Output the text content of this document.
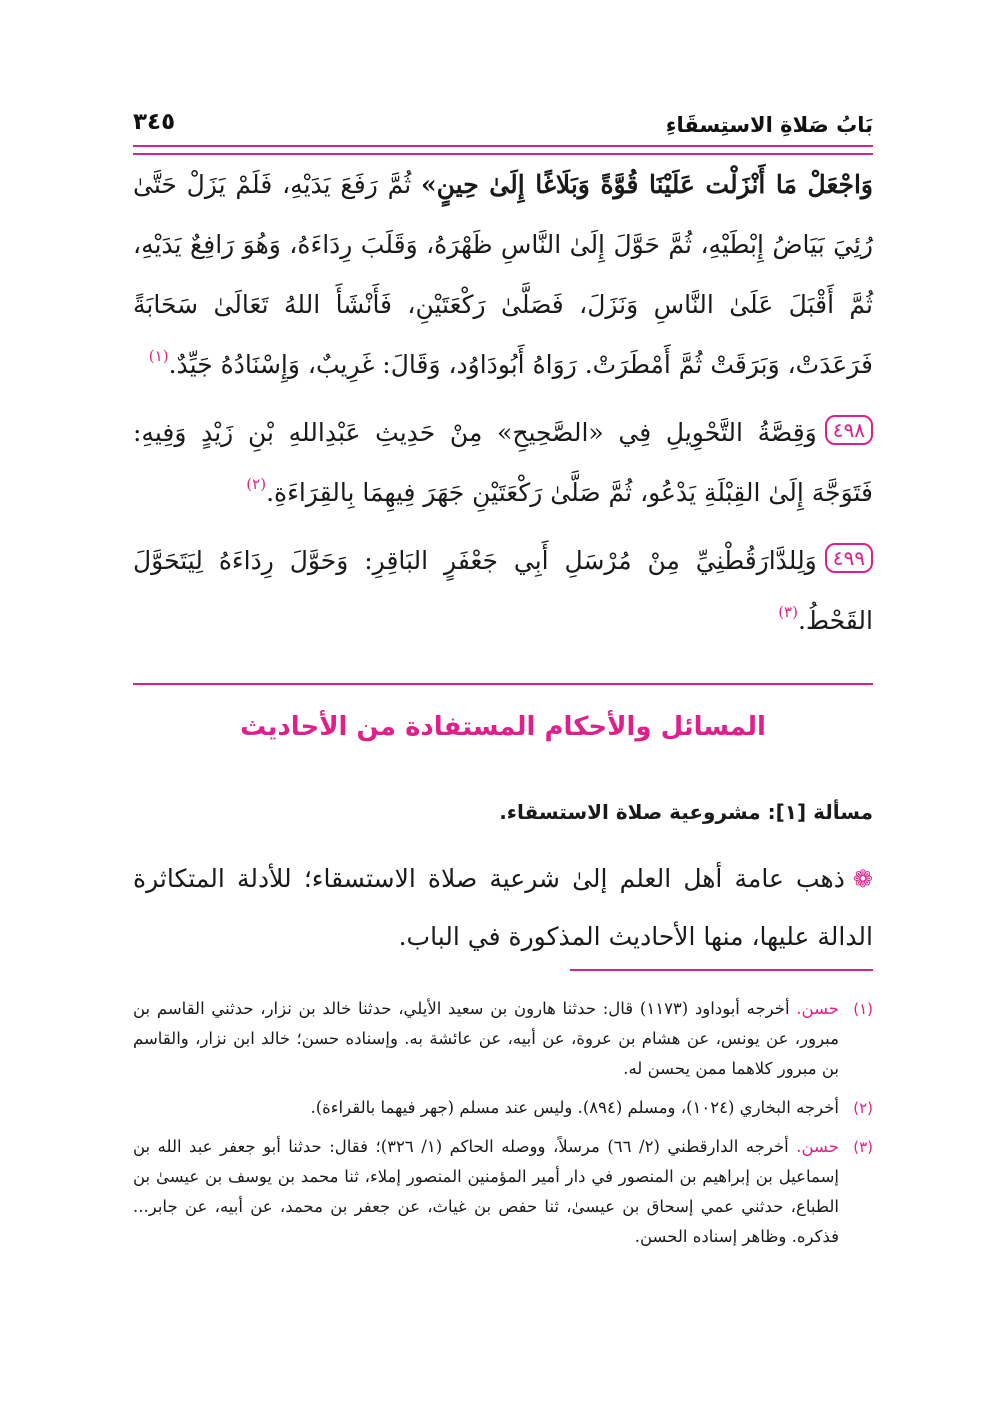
بَابُ صَلاةِ الاستِسقَاءِ
٣٤٥

وَاجْعَلْ مَا أَنْزَلْت عَلَيْنَا قُوَّةً وَبَلَاغًا إِلَىٰ حِينٍ» ثُمَّ رَفَعَ يَدَيْهِ، فَلَمْ يَزَلْ حَتَّىٰ رُئِيَ بَيَاضُ إِبْطَيْهِ، ثُمَّ حَوَّلَ إِلَىٰ النَّاسِ ظَهْرَهُ، وَقَلَبَ رِدَاءَهُ، وَهُوَ رَافِعٌ يَدَيْهِ، ثُمَّ أَقْبَلَ عَلَىٰ النَّاسِ وَنَزَلَ، فَصَلَّىٰ رَكْعَتَيْنِ، فَأَنْشَأَ اللهُ تَعَالَىٰ سَحَابَةً فَرَعَدَتْ، وَبَرَقَتْ ثُمَّ أَمْطَرَتْ. رَوَاهُ أَبُودَاوُد، وَقَالَ: غَرِيبٌ، وَإِسْنَادُهُ جَيِّدٌ.$^{(١)}$

٤٩٨وَقِصَّةُ التَّحْوِيلِ فِي «الصَّحِيحِ» مِنْ حَدِيثِ عَبْدِاللهِ بْنِ زَيْدٍ وَفِيهِ: فَتَوَجَّهَ إِلَىٰ القِبْلَةِ يَدْعُو، ثُمَّ صَلَّىٰ رَكْعَتَيْنِ جَهَرَ فِيهِمَا بِالقِرَاءَةِ.$^{(٢)}$

٤٩٩وَلِلدَّارَقُطْنِيِّ مِنْ مُرْسَلِ أَبِي جَعْفَرٍ البَاقِرِ: وَحَوَّلَ رِدَاءَهُ لِيَتَحَوَّلَ القَحْطُ.$^{(٣)}$

المسائل والأحكام المستفادة من الأحاديث
مسألة [١]: مشروعية صلاة الاستسقاء.
❁ذهب عامة أهل العلم إلىٰ شرعية صلاة الاستسقاء؛ للأدلة المتكاثرة الدالة عليها، منها الأحاديث المذكورة في الباب.
(١)
حسن. أخرجه أبوداود (١١٧٣) قال: حدثنا هارون بن سعيد الأيلي، حدثنا خالد بن نزار، حدثني القاسم بن مبرور، عن يونس، عن هشام بن عروة، عن أبيه، عن عائشة به. وإسناده حسن؛ خالد ابن نزار، والقاسم بن مبرور كلاهما ممن يحسن له.
(٢)
أخرجه البخاري (١٠٢٤)، ومسلم (٨٩٤). وليس عند مسلم (جهر فيهما بالقراءة).
(٣)
حسن. أخرجه الدارقطني (٢/ ٦٦) مرسلاً، ووصله الحاكم (١/ ٣٢٦)؛ فقال: حدثنا أبو جعفر عبد الله بن إسماعيل بن إبراهيم بن المنصور في دار أمير المؤمنين المنصور إملاء، ثنا محمد بن يوسف بن عيسىٰ بن الطباع، حدثني عمي إسحاق بن عيسىٰ، ثنا حفص بن غياث، عن جعفر بن محمد، عن أبيه، عن جابر... فذكره. وظاهر إسناده الحسن.
